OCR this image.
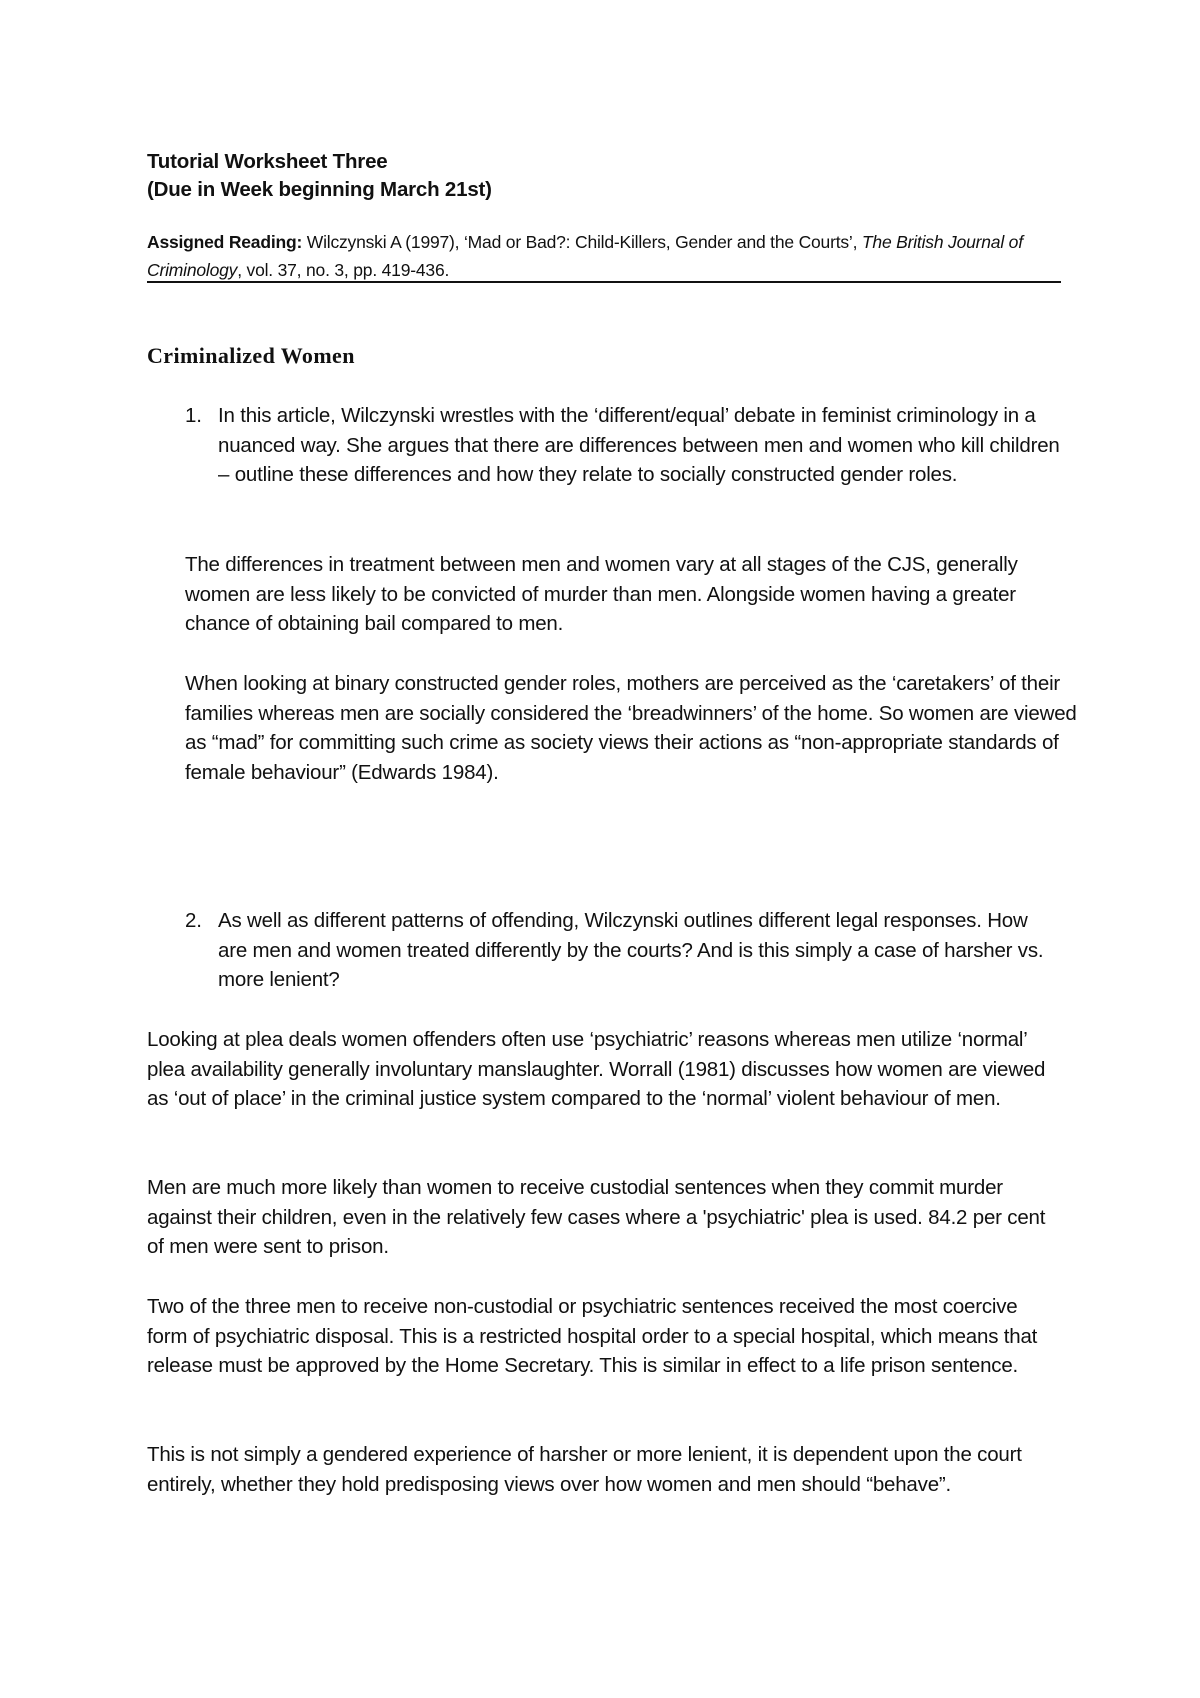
Tutorial Worksheet Three
(Due in Week beginning March 21st)
Assigned Reading: Wilczynski A (1997), ‘Mad or Bad?: Child-Killers, Gender and the Courts’, The British Journal of Criminology, vol. 37, no. 3, pp. 419-436.
Criminalized Women
1. In this article, Wilczynski wrestles with the ‘different/equal’ debate in feminist criminology in a nuanced way. She argues that there are differences between men and women who kill children – outline these differences and how they relate to socially constructed gender roles.

The differences in treatment between men and women vary at all stages of the CJS, generally women are less likely to be convicted of murder than men. Alongside women having a greater chance of obtaining bail compared to men.

When looking at binary constructed gender roles, mothers are perceived as the ‘caretakers’ of their families whereas men are socially considered the ‘breadwinners’ of the home. So women are viewed as “mad” for committing such crime as society views their actions as “non-appropriate standards of female behaviour” (Edwards 1984).

2. As well as different patterns of offending, Wilczynski outlines different legal responses. How are men and women treated differently by the courts? And is this simply a case of harsher vs. more lenient?

Looking at plea deals women offenders often use ‘psychiatric’ reasons whereas men utilize ‘normal’ plea availability generally involuntary manslaughter. Worrall (1981) discusses how women are viewed as ‘out of place’ in the criminal justice system compared to the ‘normal’ violent behaviour of men.

Men are much more likely than women to receive custodial sentences when they commit murder against their children, even in the relatively few cases where a 'psychiatric' plea is used. 84.2 per cent of men were sent to prison.

Two of the three men to receive non-custodial or psychiatric sentences received the most coercive form of psychiatric disposal. This is a restricted hospital order to a special hospital, which means that release must be approved by the Home Secretary. This is similar in effect to a life prison sentence.

This is not simply a gendered experience of harsher or more lenient, it is dependent upon the court entirely, whether they hold predisposing views over how women and men should “behave”.
